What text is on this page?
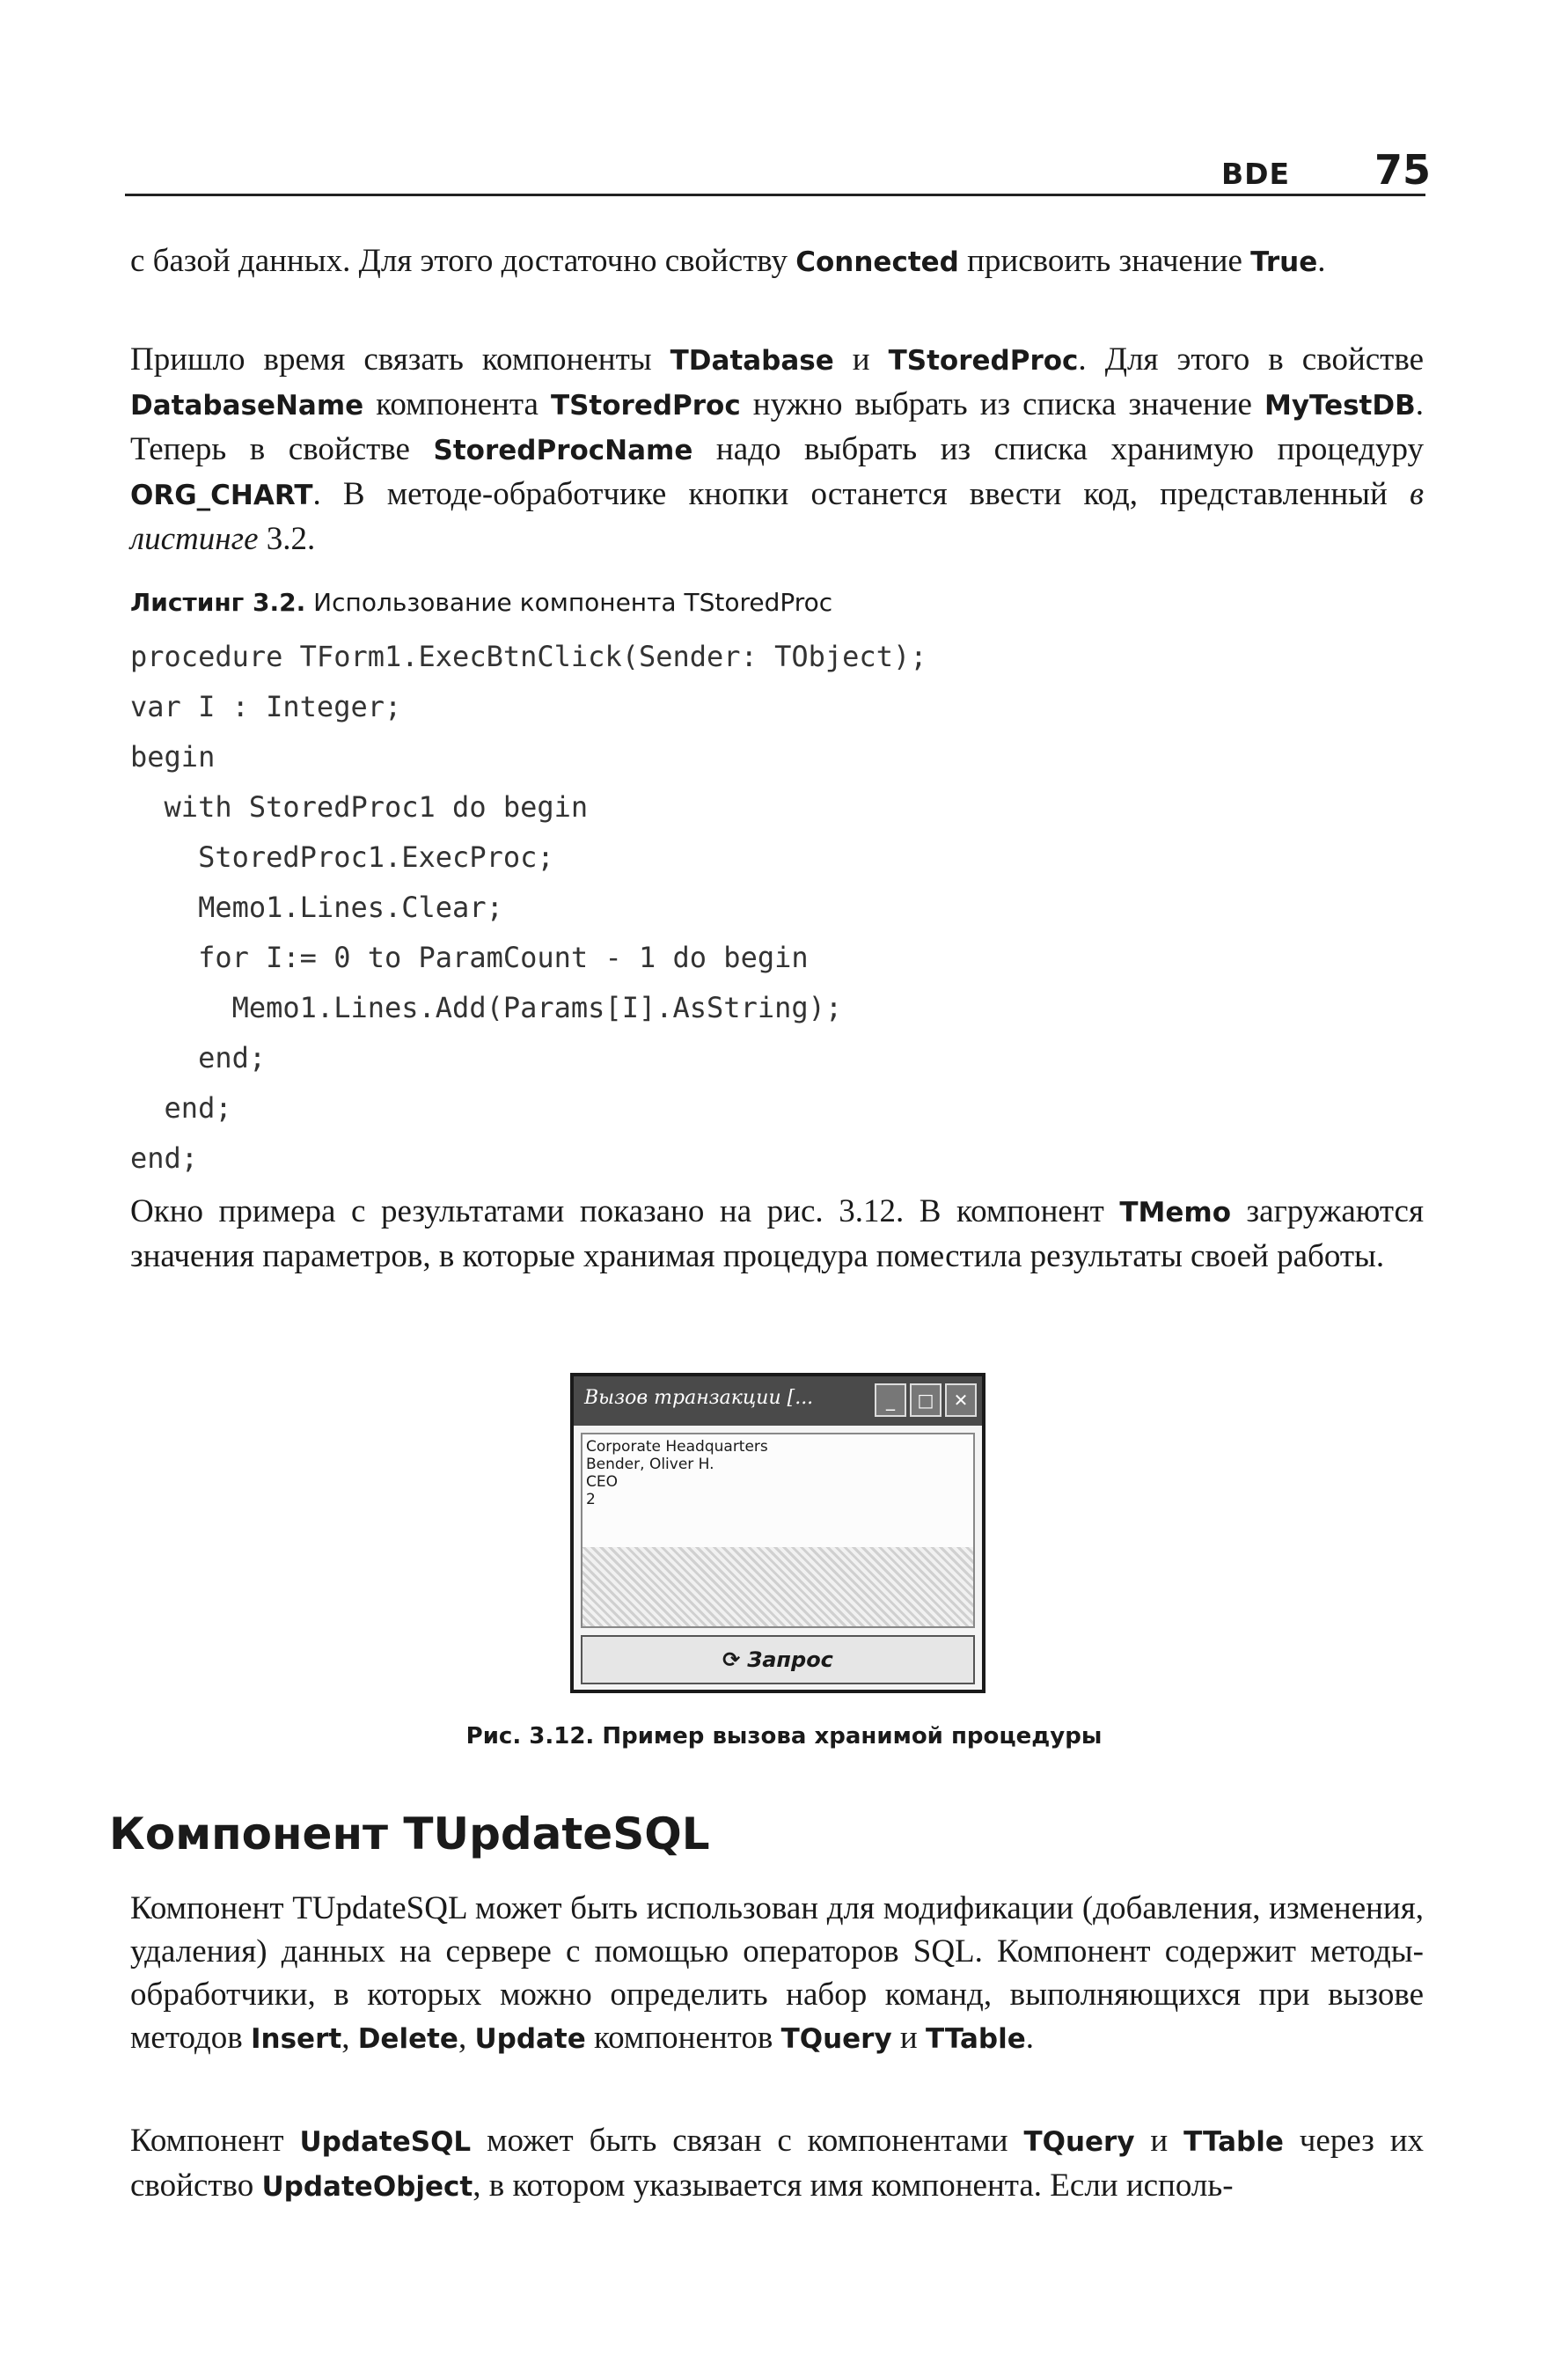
BDE 75
с базой данных. Для этого достаточно свойству Connected присвоить значение True.
Пришло время связать компоненты TDatabase и TStoredProc. Для этого в свойстве DatabaseName компонента TStoredProc нужно выбрать из списка значение MyTestDB. Теперь в свойстве StoredProcName надо выбрать из списка хранимую процедуру ORG_CHART. В методе-обработчике кнопки останется ввести код, представленный в листинге 3.2.
Листинг 3.2. Использование компонента TStoredProc
procedure TForm1.ExecBtnClick(Sender: TObject);
var I : Integer;
begin
with StoredProc1 do begin
StoredProc1.ExecProc;
Memo1.Lines.Clear;
for I:= 0 to ParamCount - 1 do begin
Memo1.Lines.Add(Params[I].AsString);
end;
end;
end;
Окно примера с результатами показано на рис. 3.12. В компонент TMemo загружаются значения параметров, в которые хранимая процедура поместила результаты своей работы.
Вызов транзакции [...	_	□	✕
Corporate Headquarters
Bender, Oliver H.
CEO
2
⟳ Запрос
Рис. 3.12. Пример вызова хранимой процедуры
Компонент TUpdateSQL
Компонент TUpdateSQL может быть использован для модификации (добавления, изменения, удаления) данных на сервере с помощью операторов SQL. Компонент содержит методы-обработчики, в которых можно определить набор команд, выполняющихся при вызове методов Insert, Delete, Update компонентов TQuery и TTable.
Компонент UpdateSQL может быть связан с компонентами TQuery и TTable через их свойство UpdateObject, в котором указывается имя компонента. Если исполь-
